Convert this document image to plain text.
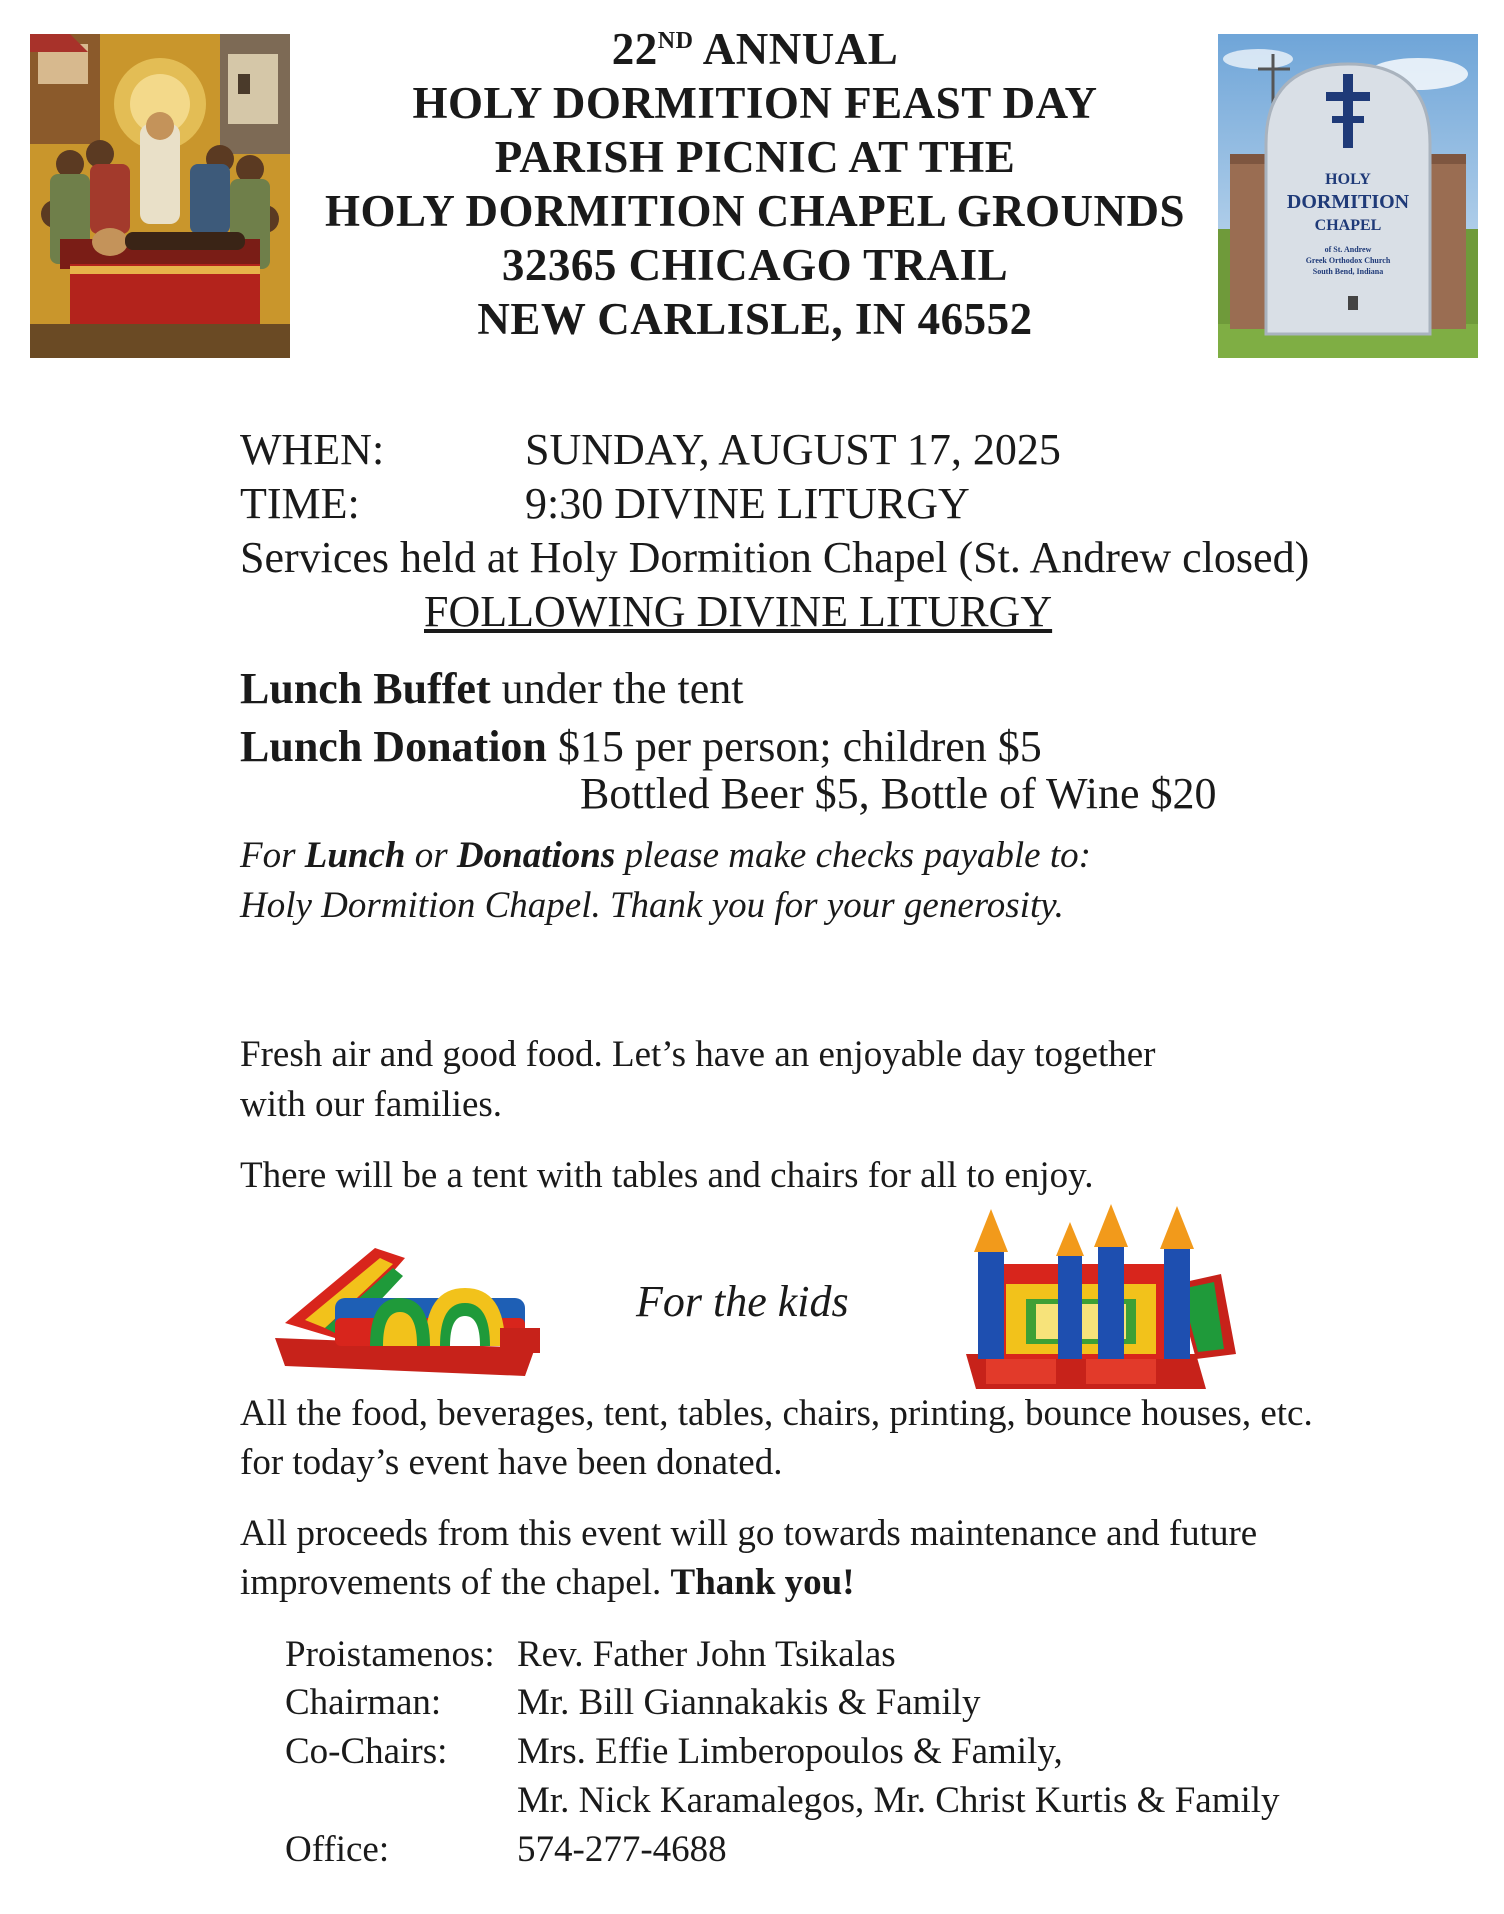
22ND ANNUAL
HOLY DORMITION FEAST DAY
PARISH PICNIC AT THE
HOLY DORMITION CHAPEL GROUNDS
32365 CHICAGO TRAIL
NEW CARLISLE, IN 46552
HOLY
DORMITION
CHAPEL
of St. Andrew
Greek Orthodox Church
South Bend, Indiana
WHEN:	SUNDAY, AUGUST 17, 2025
TIME:	9:30 DIVINE LITURGY
Services held at Holy Dormition Chapel (St. Andrew closed)
FOLLOWING DIVINE LITURGY
Lunch Buffet under the tent
Lunch Donation $15 per person; children $5
Bottled Beer $5, Bottle of Wine $20
For Lunch or Donations please make checks payable to:
Holy Dormition Chapel. Thank you for your generosity.
Fresh air and good food. Let’s have an enjoyable day together
with our families.
There will be a tent with tables and chairs for all to enjoy.
For the kids
All the food, beverages, tent, tables, chairs, printing, bounce houses, etc.
for today’s event have been donated.
All proceeds from this event will go towards maintenance and future
improvements of the chapel. Thank you!
Proistamenos: Rev. Father John Tsikalas
Chairman: Mr. Bill Giannakakis & Family
Co-Chairs: Mrs. Effie Limberopoulos & Family,
Mr. Nick Karamalegos, Mr. Christ Kurtis & Family
Office:	574-277-4688
